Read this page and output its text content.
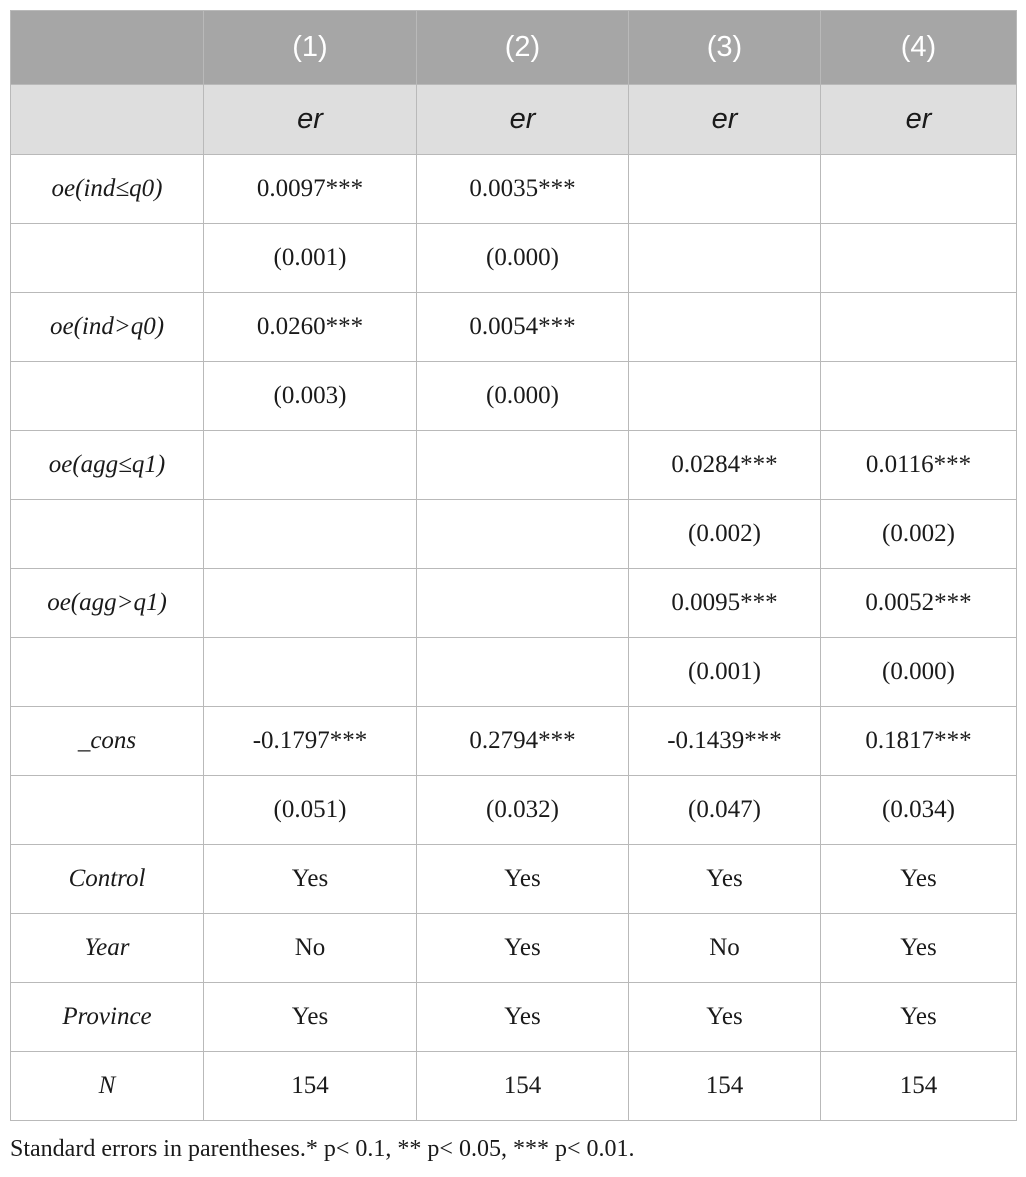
	(1)	(2)	(3)	(4)
	er	er	er	er
oe(ind≤q0)	0.0097***	0.0035***		
	(0.001)	(0.000)		
oe(ind>q0)	0.0260***	0.0054***		
	(0.003)	(0.000)		
oe(agg≤q1)			0.0284***	0.0116***
			(0.002)	(0.002)
oe(agg>q1)			0.0095***	0.0052***
			(0.001)	(0.000)
_cons	-0.1797***	0.2794***	-0.1439***	0.1817***
	(0.051)	(0.032)	(0.047)	(0.034)
Control	Yes	Yes	Yes	Yes
Year	No	Yes	No	Yes
Province	Yes	Yes	Yes	Yes
N	154	154	154	154
Standard errors in parentheses.* p< 0.1, ** p< 0.05, *** p< 0.01.
